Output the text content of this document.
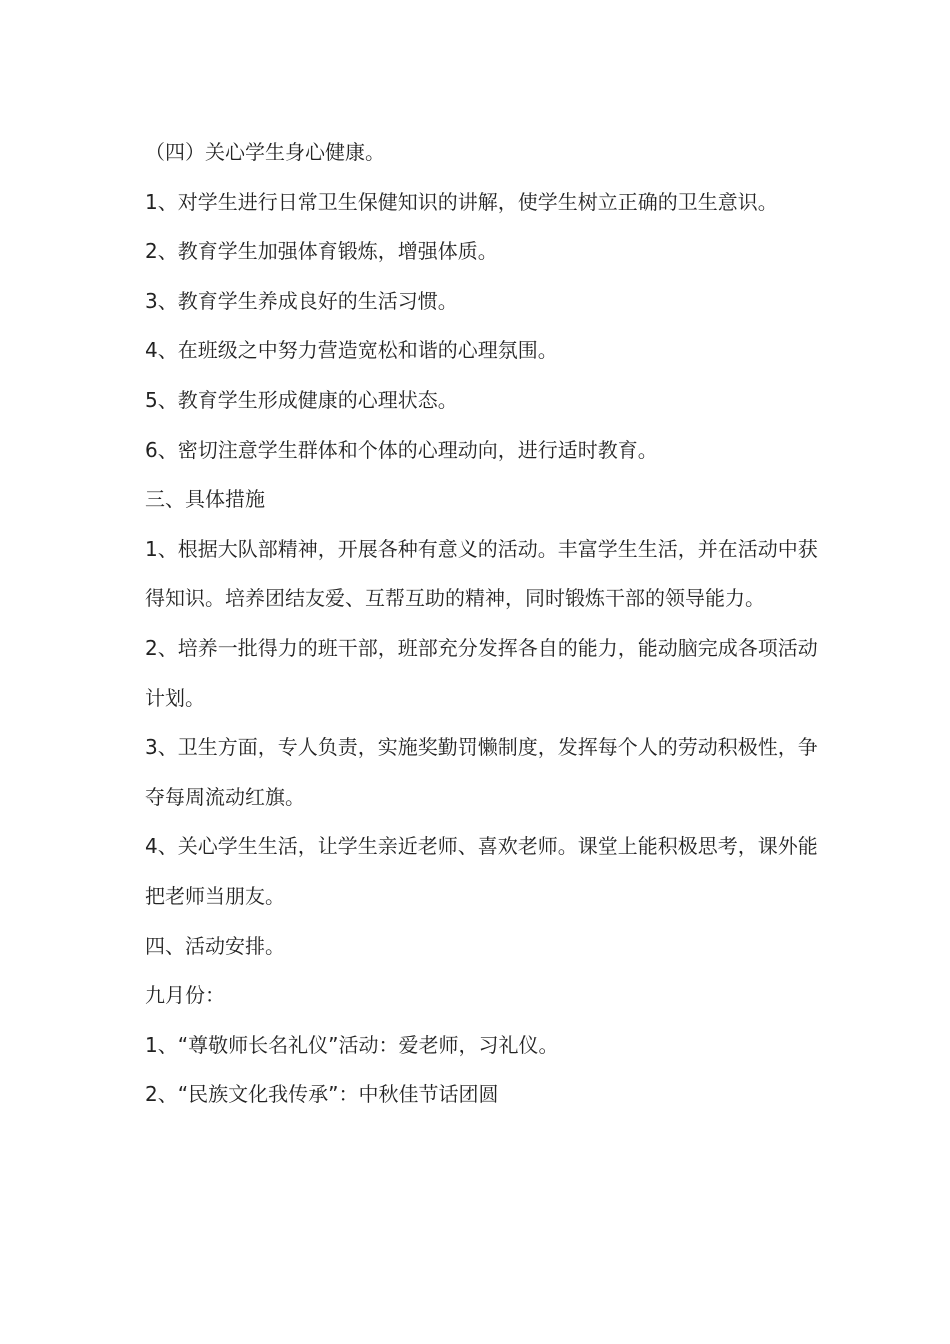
（四）关心学生身心健康。

1、对学生进行日常卫生保健知识的讲解，使学生树立正确的卫生意识。

2、教育学生加强体育锻炼，增强体质。

3、教育学生养成良好的生活习惯。

4、在班级之中努力营造宽松和谐的心理氛围。

5、教育学生形成健康的心理状态。

6、密切注意学生群体和个体的心理动向，进行适时教育。

三、具体措施

1、根据大队部精神，开展各种有意义的活动。丰富学生生活，并在活动中获得知识。培养团结友爱、互帮互助的精神，同时锻炼干部的领导能力。

2、培养一批得力的班干部，班部充分发挥各自的能力，能动脑完成各项活动计划。

3、卫生方面，专人负责，实施奖勤罚懒制度，发挥每个人的劳动积极性，争夺每周流动红旗。

4、关心学生生活，让学生亲近老师、喜欢老师。课堂上能积极思考，课外能把老师当朋友。

四、活动安排。

九月份：

1、“尊敬师长名礼仪”活动：爱老师，习礼仪。

2、“民族文化我传承”：中秋佳节话团圆
